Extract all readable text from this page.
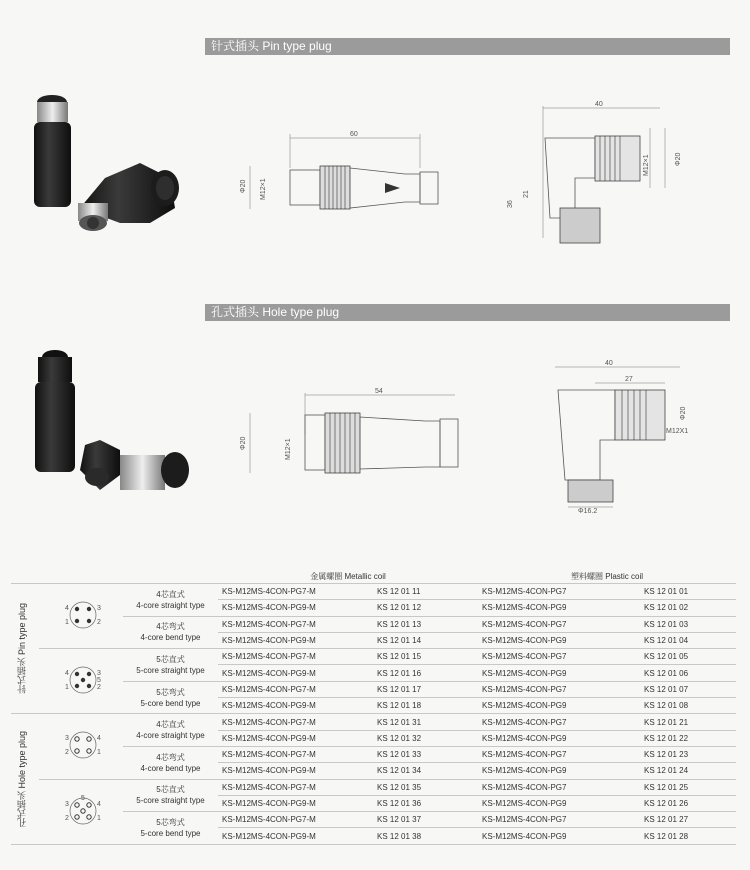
针式插头 Pin type plug
孔式插头 Hole type plug
60
Φ20 M12×1
40
M12×1	Φ20
21
36
54
Φ20	M12×1
40
27
Φ16.2
Φ20
M12X1
			金属螺圈 Metallic coil		塑料螺圈 Plastic coil	

针式插头 Pin type plug	4 3
1 2	4芯直式
4-core straight type	KS-M12MS-4CON-PG7-M	KS 12 01 11	KS-M12MS-4CON-PG7	KS 12 01 01
			KS-M12MS-4CON-PG9-M	KS 12 01 12	KS-M12MS-4CON-PG9	KS 12 01 02
		4芯弯式
4-core bend type	KS-M12MS-4CON-PG7-M	KS 12 01 13	KS-M12MS-4CON-PG7	KS 12 01 03
			KS-M12MS-4CON-PG9-M	KS 12 01 14	KS-M12MS-4CON-PG9	KS 12 01 04

4 3
5
1 2	5芯直式
5-core straight type	KS-M12MS-4CON-PG7-M	KS 12 01 15	KS-M12MS-4CON-PG7	KS 12 01 05
			KS-M12MS-4CON-PG9-M	KS 12 01 16	KS-M12MS-4CON-PG9	KS 12 01 06
		5芯弯式
5-core bend type	KS-M12MS-4CON-PG7-M	KS 12 01 17	KS-M12MS-4CON-PG7	KS 12 01 07
			KS-M12MS-4CON-PG9-M	KS 12 01 18	KS-M12MS-4CON-PG9	KS 12 01 08

孔式插头 Hole type plug	3 4
2 1	4芯直式
4-core straight type	KS-M12MS-4CON-PG7-M	KS 12 01 31	KS-M12MS-4CON-PG7	KS 12 01 21
			KS-M12MS-4CON-PG9-M	KS 12 01 32	KS-M12MS-4CON-PG9	KS 12 01 22
		4芯弯式
4-core bend type	KS-M12MS-4CON-PG7-M	KS 12 01 33	KS-M12MS-4CON-PG7	KS 12 01 23
			KS-M12MS-4CON-PG9-M	KS 12 01 34	KS-M12MS-4CON-PG9	KS 12 01 24

3
5
4
2 1	5芯直式
5-core straight type	KS-M12MS-4CON-PG7-M	KS 12 01 35	KS-M12MS-4CON-PG7	KS 12 01 25
			KS-M12MS-4CON-PG9-M	KS 12 01 36	KS-M12MS-4CON-PG9	KS 12 01 26
		5芯弯式
5-core bend type	KS-M12MS-4CON-PG7-M	KS 12 01 37	KS-M12MS-4CON-PG7	KS 12 01 27
			KS-M12MS-4CON-PG9-M	KS 12 01 38	KS-M12MS-4CON-PG9	KS 12 01 28
